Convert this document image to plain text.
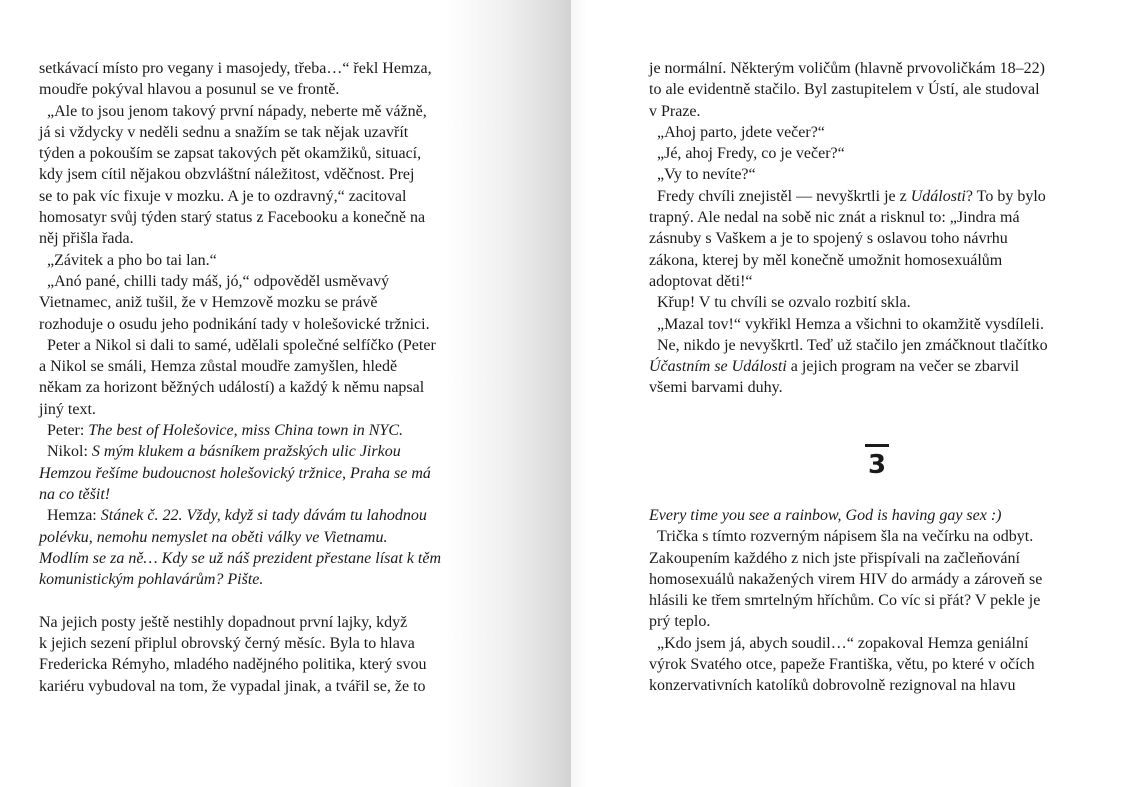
setkávací místo pro vegany i masojedy, třeba…“ řekl Hemza,
moudře pokýval hlavou a posunul se ve frontě.
„Ale to jsou jenom takový první nápady, neberte mě vážně,
já si vždycky v neděli sednu a snažím se tak nějak uzavřít
týden a pokouším se zapsat takových pět okamžiků, situací,
kdy jsem cítil nějakou obzvláštní náležitost, vděčnost. Prej
se to pak víc fixuje v mozku. A je to ozdravný,“ zacitoval
homosatyr svůj týden starý status z Facebooku a konečně na
něj přišla řada.
„Závitek a pho bo tai lan.“
„Anó pané, chilli tady máš, jó,“ odpověděl usměvavý
Vietnamec, aniž tušil, že v Hemzově mozku se právě
rozhoduje o osudu jeho podnikání tady v holešovické tržnici.
Peter a Nikol si dali to samé, udělali společné selfíčko (Peter
a Nikol se smáli, Hemza zůstal moudře zamyšlen, hledě
někam za horizont běžných událostí) a každý k němu napsal
jiný text.
Peter: The best of Holešovice, miss China town in NYC.
Nikol: S mým klukem a básníkem pražských ulic Jirkou
Hemzou řešíme budoucnost holešovický tržnice, Praha se má
na co těšit!
Hemza: Stánek č. 22. Vždy, když si tady dávám tu lahodnou
polévku, nemohu nemyslet na oběti války ve Vietnamu.
Modlím se za ně… Kdy se už náš prezident přestane lísat k těm
komunistickým pohlavárům? Pište.
Na jejich posty ještě nestihly dopadnout první lajky, když
k jejich sezení připlul obrovský černý měsíc. Byla to hlava
Fredericka Rémyho, mladého nadějného politika, který svou
kariéru vybudoval na tom, že vypadal jinak, a tvářil se, že to
je normální. Některým voličům (hlavně prvovoličkám 18–22)
to ale evidentně stačilo. Byl zastupitelem v Ústí, ale studoval
v Praze.
„Ahoj parto, jdete večer?“
„Jé, ahoj Fredy, co je večer?“
„Vy to nevíte?“
Fredy chvíli znejistěl — nevyškrtli je z Události? To by bylo
trapný. Ale nedal na sobě nic znát a risknul to: „Jindra má
zásnuby s Vaškem a je to spojený s oslavou toho návrhu
zákona, kterej by měl konečně umožnit homosexuálům
adoptovat děti!“
Křup! V tu chvíli se ozvalo rozbití skla.
„Mazal tov!“ vykřikl Hemza a všichni to okamžitě vysdíleli.
Ne, nikdo je nevyškrtl. Teď už stačilo jen zmáčknout tlačítko
Účastním se Události a jejich program na večer se zbarvil
všemi barvami duhy.
Every time you see a rainbow, God is having gay sex :)
Trička s tímto rozverným nápisem šla na večírku na odbyt.
Zakoupením každého z nich jste přispívali na začleňování
homosexuálů nakažených virem HIV do armády a zároveň se
hlásili ke třem smrtelným hříchům. Co víc si přát? V pekle je
prý teplo.
„Kdo jsem já, abych soudil…“ zopakoval Hemza geniální
výrok Svatého otce, papeže Františka, větu, po které v očích
konzervativních katolíků dobrovolně rezignoval na hlavu
3
